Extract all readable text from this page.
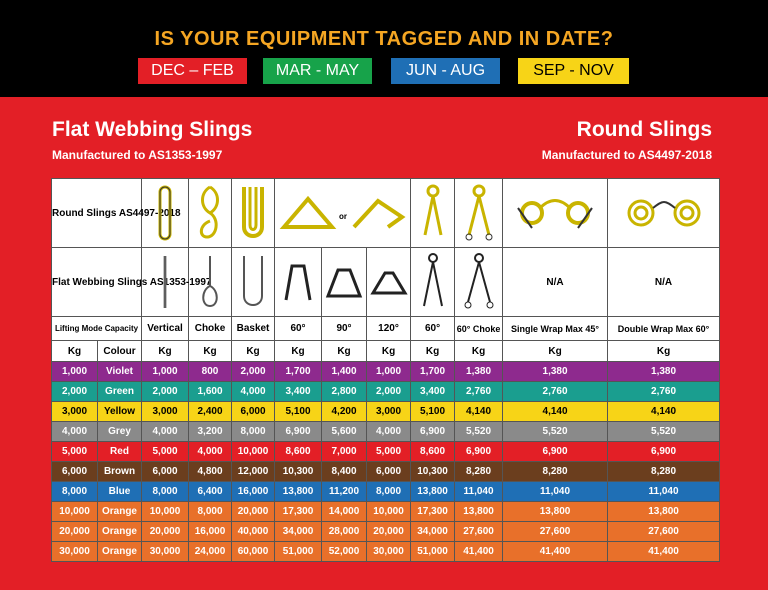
IS YOUR EQUIPMENT TAGGED AND IN DATE?
DEC – FEB	MAR - MAY	JUN - AUG	SEP - NOV
Flat Webbing Slings
Manufactured to AS1353-1997
Round Slings
Manufactured to AS4497-2018
Round Slings AS4497-2018					or

Flat Webbing Slings AS1353-1997										N/A	N/A
Lifting Mode Capacity		Vertical	Choke	Basket	60°	90°	120°	60°	60° Choke	Single Wrap Max 45°	Double Wrap Max 60°
Kg	Colour	Kg	Kg	Kg	Kg	Kg	Kg	Kg	Kg	Kg	Kg
1,000	Violet	1,000	800	2,000	1,700	1,400	1,000	1,700	1,380	1,380	1,380
2,000	Green	2,000	1,600	4,000	3,400	2,800	2,000	3,400	2,760	2,760	2,760
3,000	Yellow	3,000	2,400	6,000	5,100	4,200	3,000	5,100	4,140	4,140	4,140
4,000	Grey	4,000	3,200	8,000	6,900	5,600	4,000	6,900	5,520	5,520	5,520
5,000	Red	5,000	4,000	10,000	8,600	7,000	5,000	8,600	6,900	6,900	6,900
6,000	Brown	6,000	4,800	12,000	10,300	8,400	6,000	10,300	8,280	8,280	8,280
8,000	Blue	8,000	6,400	16,000	13,800	11,200	8,000	13,800	11,040	11,040	11,040
10,000	Orange	10,000	8,000	20,000	17,300	14,000	10,000	17,300	13,800	13,800	13,800
20,000	Orange	20,000	16,000	40,000	34,000	28,000	20,000	34,000	27,600	27,600	27,600
30,000	Orange	30,000	24,000	60,000	51,000	52,000	30,000	51,000	41,400	41,400	41,400
